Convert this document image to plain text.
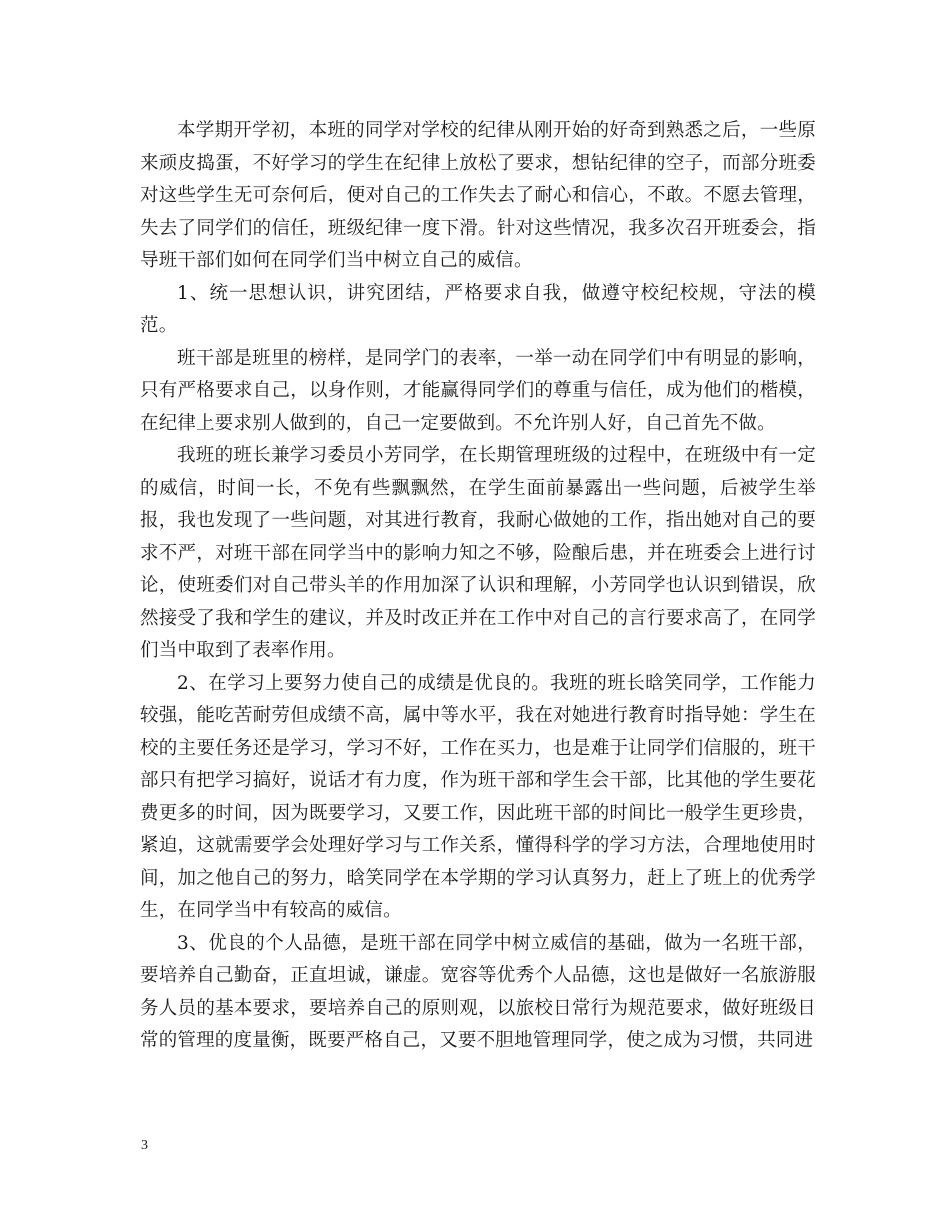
本学期开学初，本班的同学对学校的纪律从刚开始的好奇到熟悉之后，一些原来顽皮捣蛋，不好学习的学生在纪律上放松了要求，想钻纪律的空子，而部分班委对这些学生无可奈何后，便对自己的工作失去了耐心和信心，不敢。不愿去管理，失去了同学们的信任，班级纪律一度下滑。针对这些情况，我多次召开班委会，指导班干部们如何在同学们当中树立自己的威信。

1、统一思想认识，讲究团结，严格要求自我，做遵守校纪校规，守法的模范。

班干部是班里的榜样，是同学门的表率，一举一动在同学们中有明显的影响，只有严格要求自己，以身作则，才能赢得同学们的尊重与信任，成为他们的楷模，在纪律上要求别人做到的，自己一定要做到。不允许别人好，自己首先不做。

我班的班长兼学习委员小芳同学，在长期管理班级的过程中，在班级中有一定的威信，时间一长，不免有些飘飘然，在学生面前暴露出一些问题，后被学生举报，我也发现了一些问题，对其进行教育，我耐心做她的工作，指出她对自己的要求不严，对班干部在同学当中的影响力知之不够，险酿后患，并在班委会上进行讨论，使班委们对自己带头羊的作用加深了认识和理解，小芳同学也认识到错误，欣然接受了我和学生的建议，并及时改正并在工作中对自己的言行要求高了，在同学们当中取到了表率作用。

2、在学习上要努力使自己的成绩是优良的。我班的班长晗笑同学，工作能力较强，能吃苦耐劳但成绩不高，属中等水平，我在对她进行教育时指导她：学生在校的主要任务还是学习，学习不好，工作在买力，也是难于让同学们信服的，班干部只有把学习搞好，说话才有力度，作为班干部和学生会干部，比其他的学生要花费更多的时间，因为既要学习，又要工作，因此班干部的时间比一般学生更珍贵，紧迫，这就需要学会处理好学习与工作关系，懂得科学的学习方法，合理地使用时间，加之他自己的努力，晗笑同学在本学期的学习认真努力，赶上了班上的优秀学生，在同学当中有较高的威信。

3、优良的个人品德，是班干部在同学中树立威信的基础，做为一名班干部，要培养自己勤奋，正直坦诚，谦虚。宽容等优秀个人品德，这也是做好一名旅游服务人员的基本要求，要培养自己的原则观，以旅校日常行为规范要求，做好班级日常的管理的度量衡，既要严格自己，又要不胆地管理同学，使之成为习惯，共同进

3
